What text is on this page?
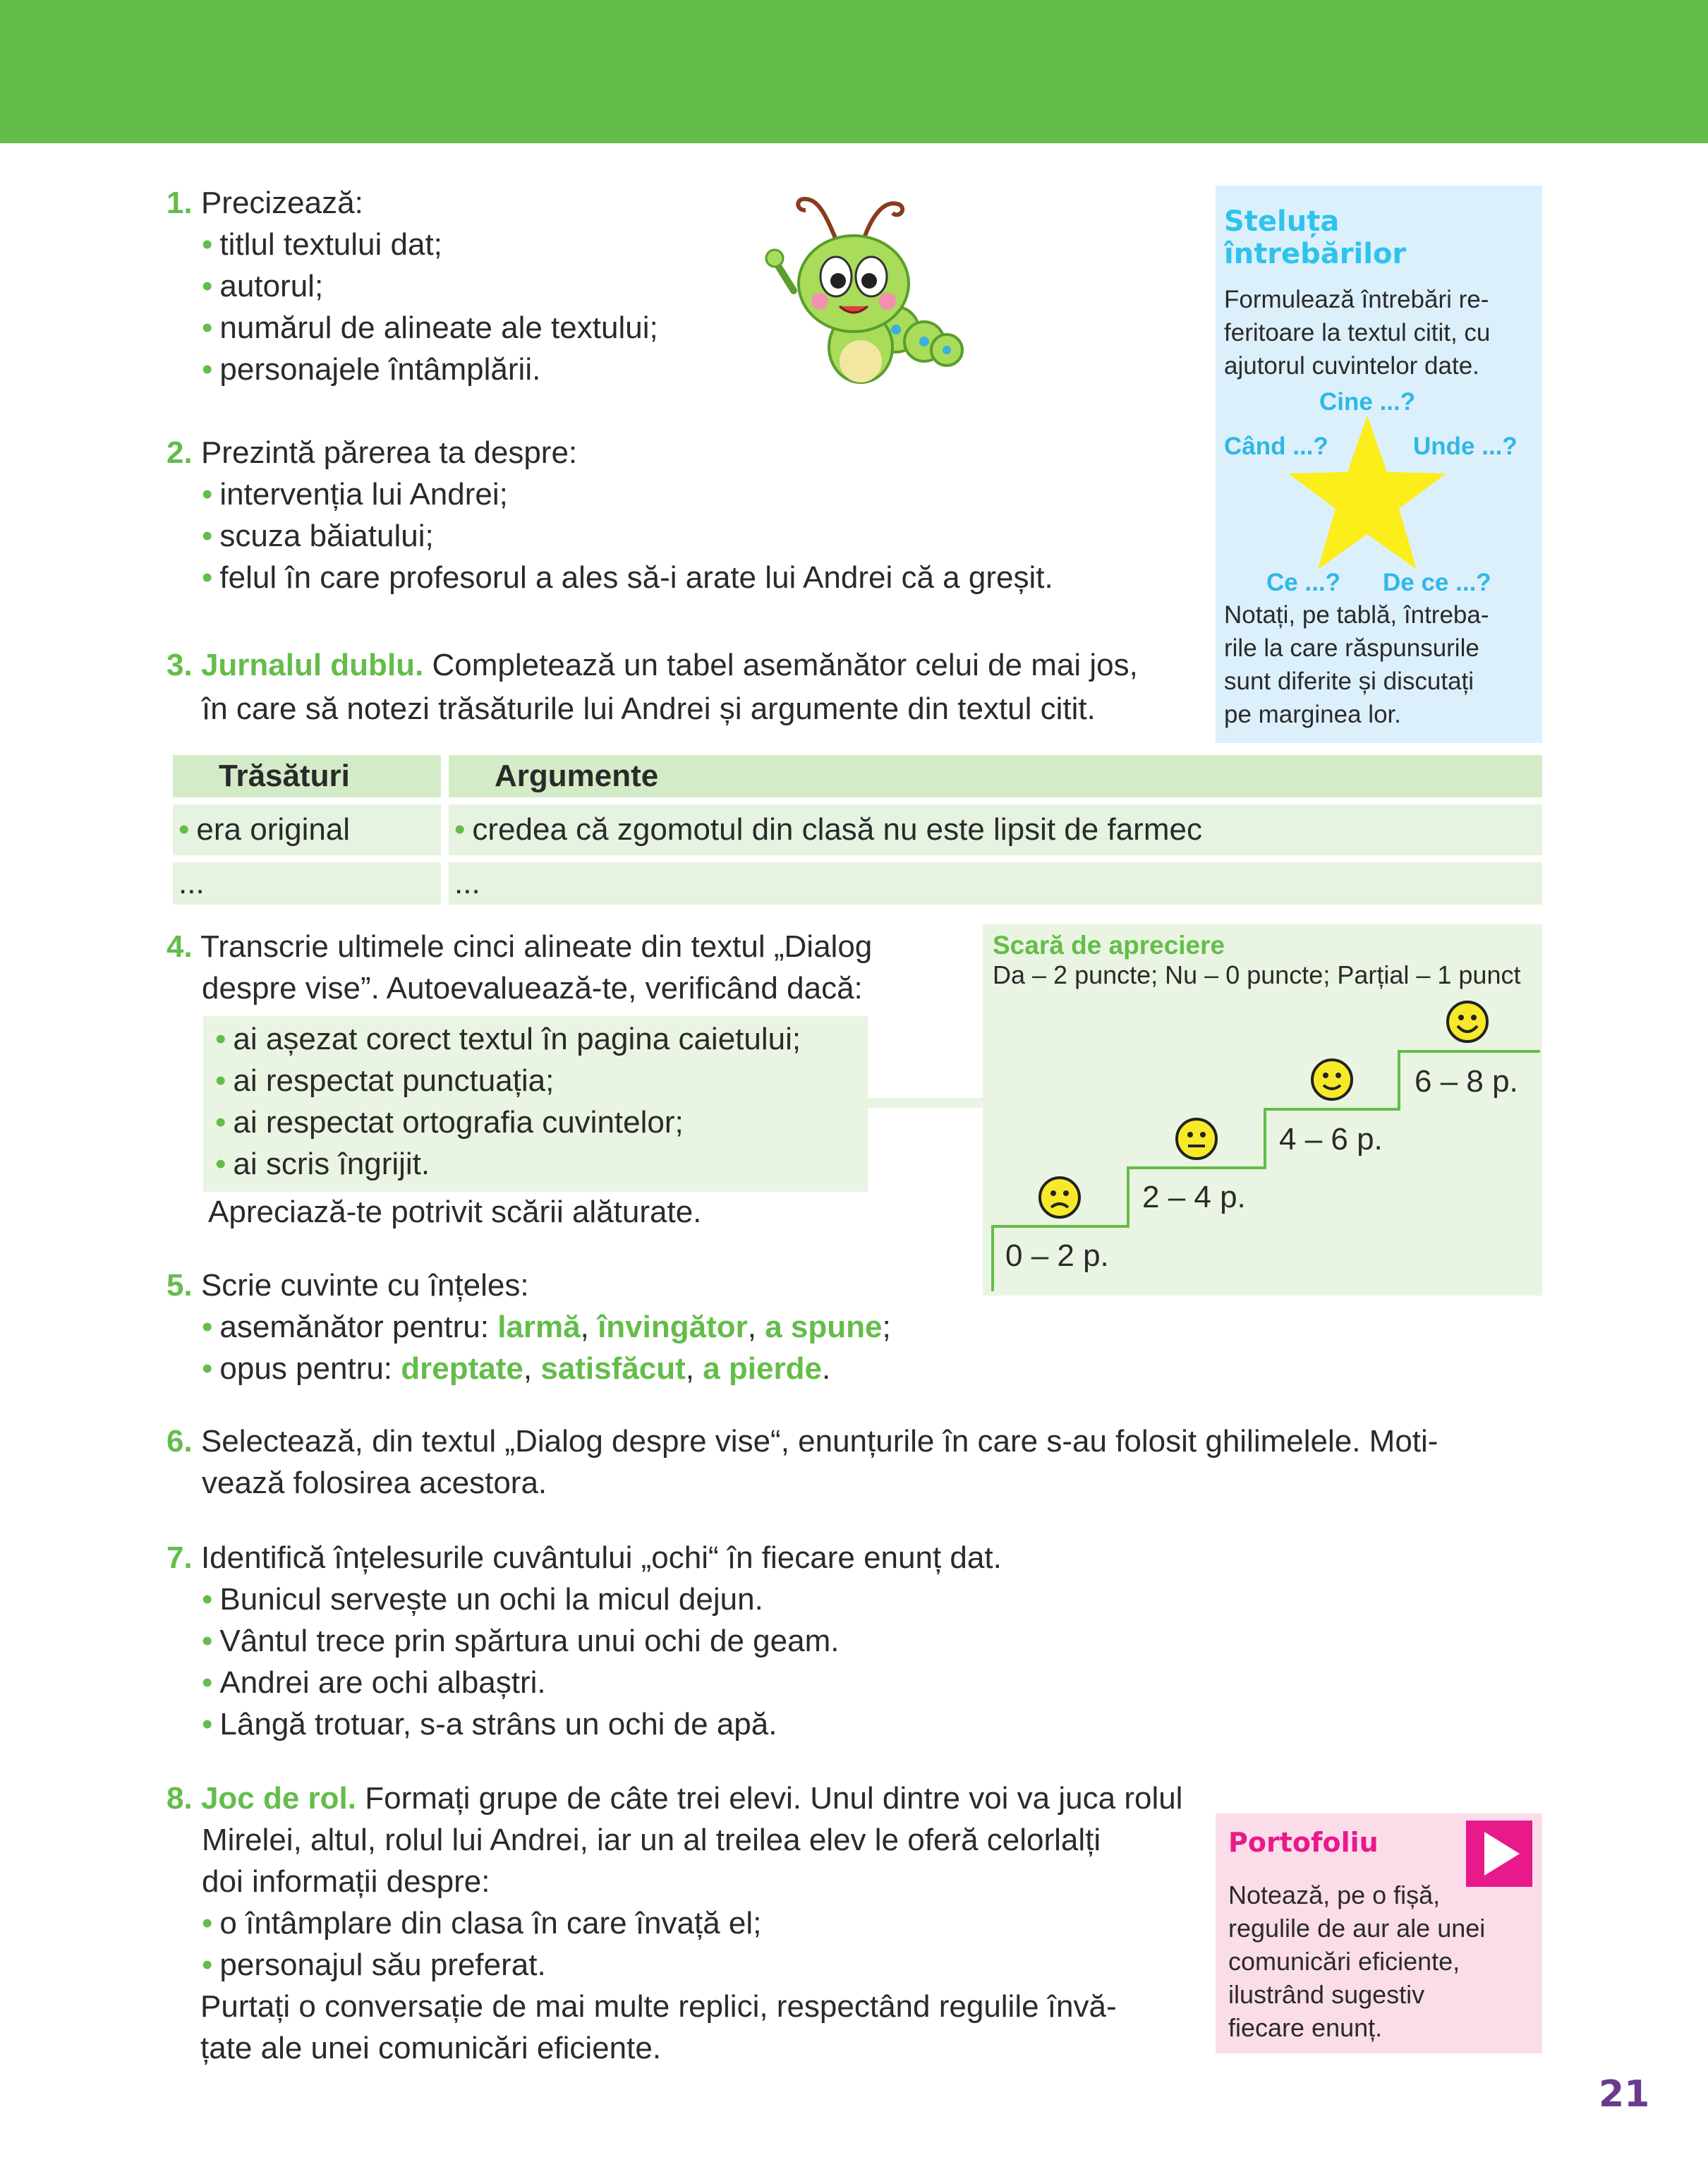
1. Precizează:
• titlul textului dat;
• autorul;
• numărul de alineate ale textului;
• personajele întâmplării.
2. Prezintă părerea ta despre:
• intervenția lui Andrei;
• scuza băiatului;
• felul în care profesorul a ales să-i arate lui Andrei că a greșit.
3. Jurnalul dublu. Completează un tabel asemănător celui de mai jos,
în care să notezi trăsăturile lui Andrei și argumente din textul citit.
Steluța
întrebărilor
Formulează întrebări re-
feritoare la textul citit, cu
ajutorul cuvintelor date.
Cine ...?
Când ...?	Unde ...?
Ce ...? De ce ...?
Notați, pe tablă, întreba-
rile la care răspunsurile
sunt diferite și discutați
pe marginea lor.
Trăsături	Argumente
• era original
•	credea că zgomotul din clasă nu este lipsit de farmec
...	...
4. Transcrie ultimele cinci alineate din textul „Dialog
despre vise”. Autoevaluează-te, verificând dacă:
• ai așezat corect textul în pagina caietului;
• ai respectat punctuația;
• ai respectat ortografia cuvintelor;
• ai scris îngrijit.
Apreciază-te potrivit scării alăturate.
Scară de apreciere
Da – 2 puncte; Nu – 0 puncte; Parțial – 1 punct
0 – 2 p.
2 – 4 p.
4 – 6 p.
6 – 8 p.
5. Scrie cuvinte cu înțeles:
• asemănător pentru: larmă, învingător, a spune;
• opus pentru: dreptate, satisfăcut, a pierde.
6. Selectează, din textul „Dialog despre vise“, enunțurile în care s-au folosit ghilimelele. Moti-
vează folosirea acestora.
7. Identifică înțelesurile cuvântului „ochi“ în fiecare enunț dat.
• Bunicul servește un ochi la micul dejun.
• Vântul trece prin spărtura unui ochi de geam.
• Andrei are ochi albaștri.
• Lângă trotuar, s-a strâns un ochi de apă.
8. Joc de rol. Formați grupe de câte trei elevi. Unul dintre voi va juca rolul
Mirelei, altul, rolul lui Andrei, iar un al treilea elev le oferă celorlalți
doi informații despre:
• o întâmplare din clasa în care învață el;
• personajul său preferat.
Purtați o conversație de mai multe replici, respectând regulile învă-
țate ale unei comunicări eficiente.
Portofoliu
Notează, pe o fișă,
regulile de aur ale unei
comunicări eficiente,
ilustrând sugestiv
fiecare enunț.
21
